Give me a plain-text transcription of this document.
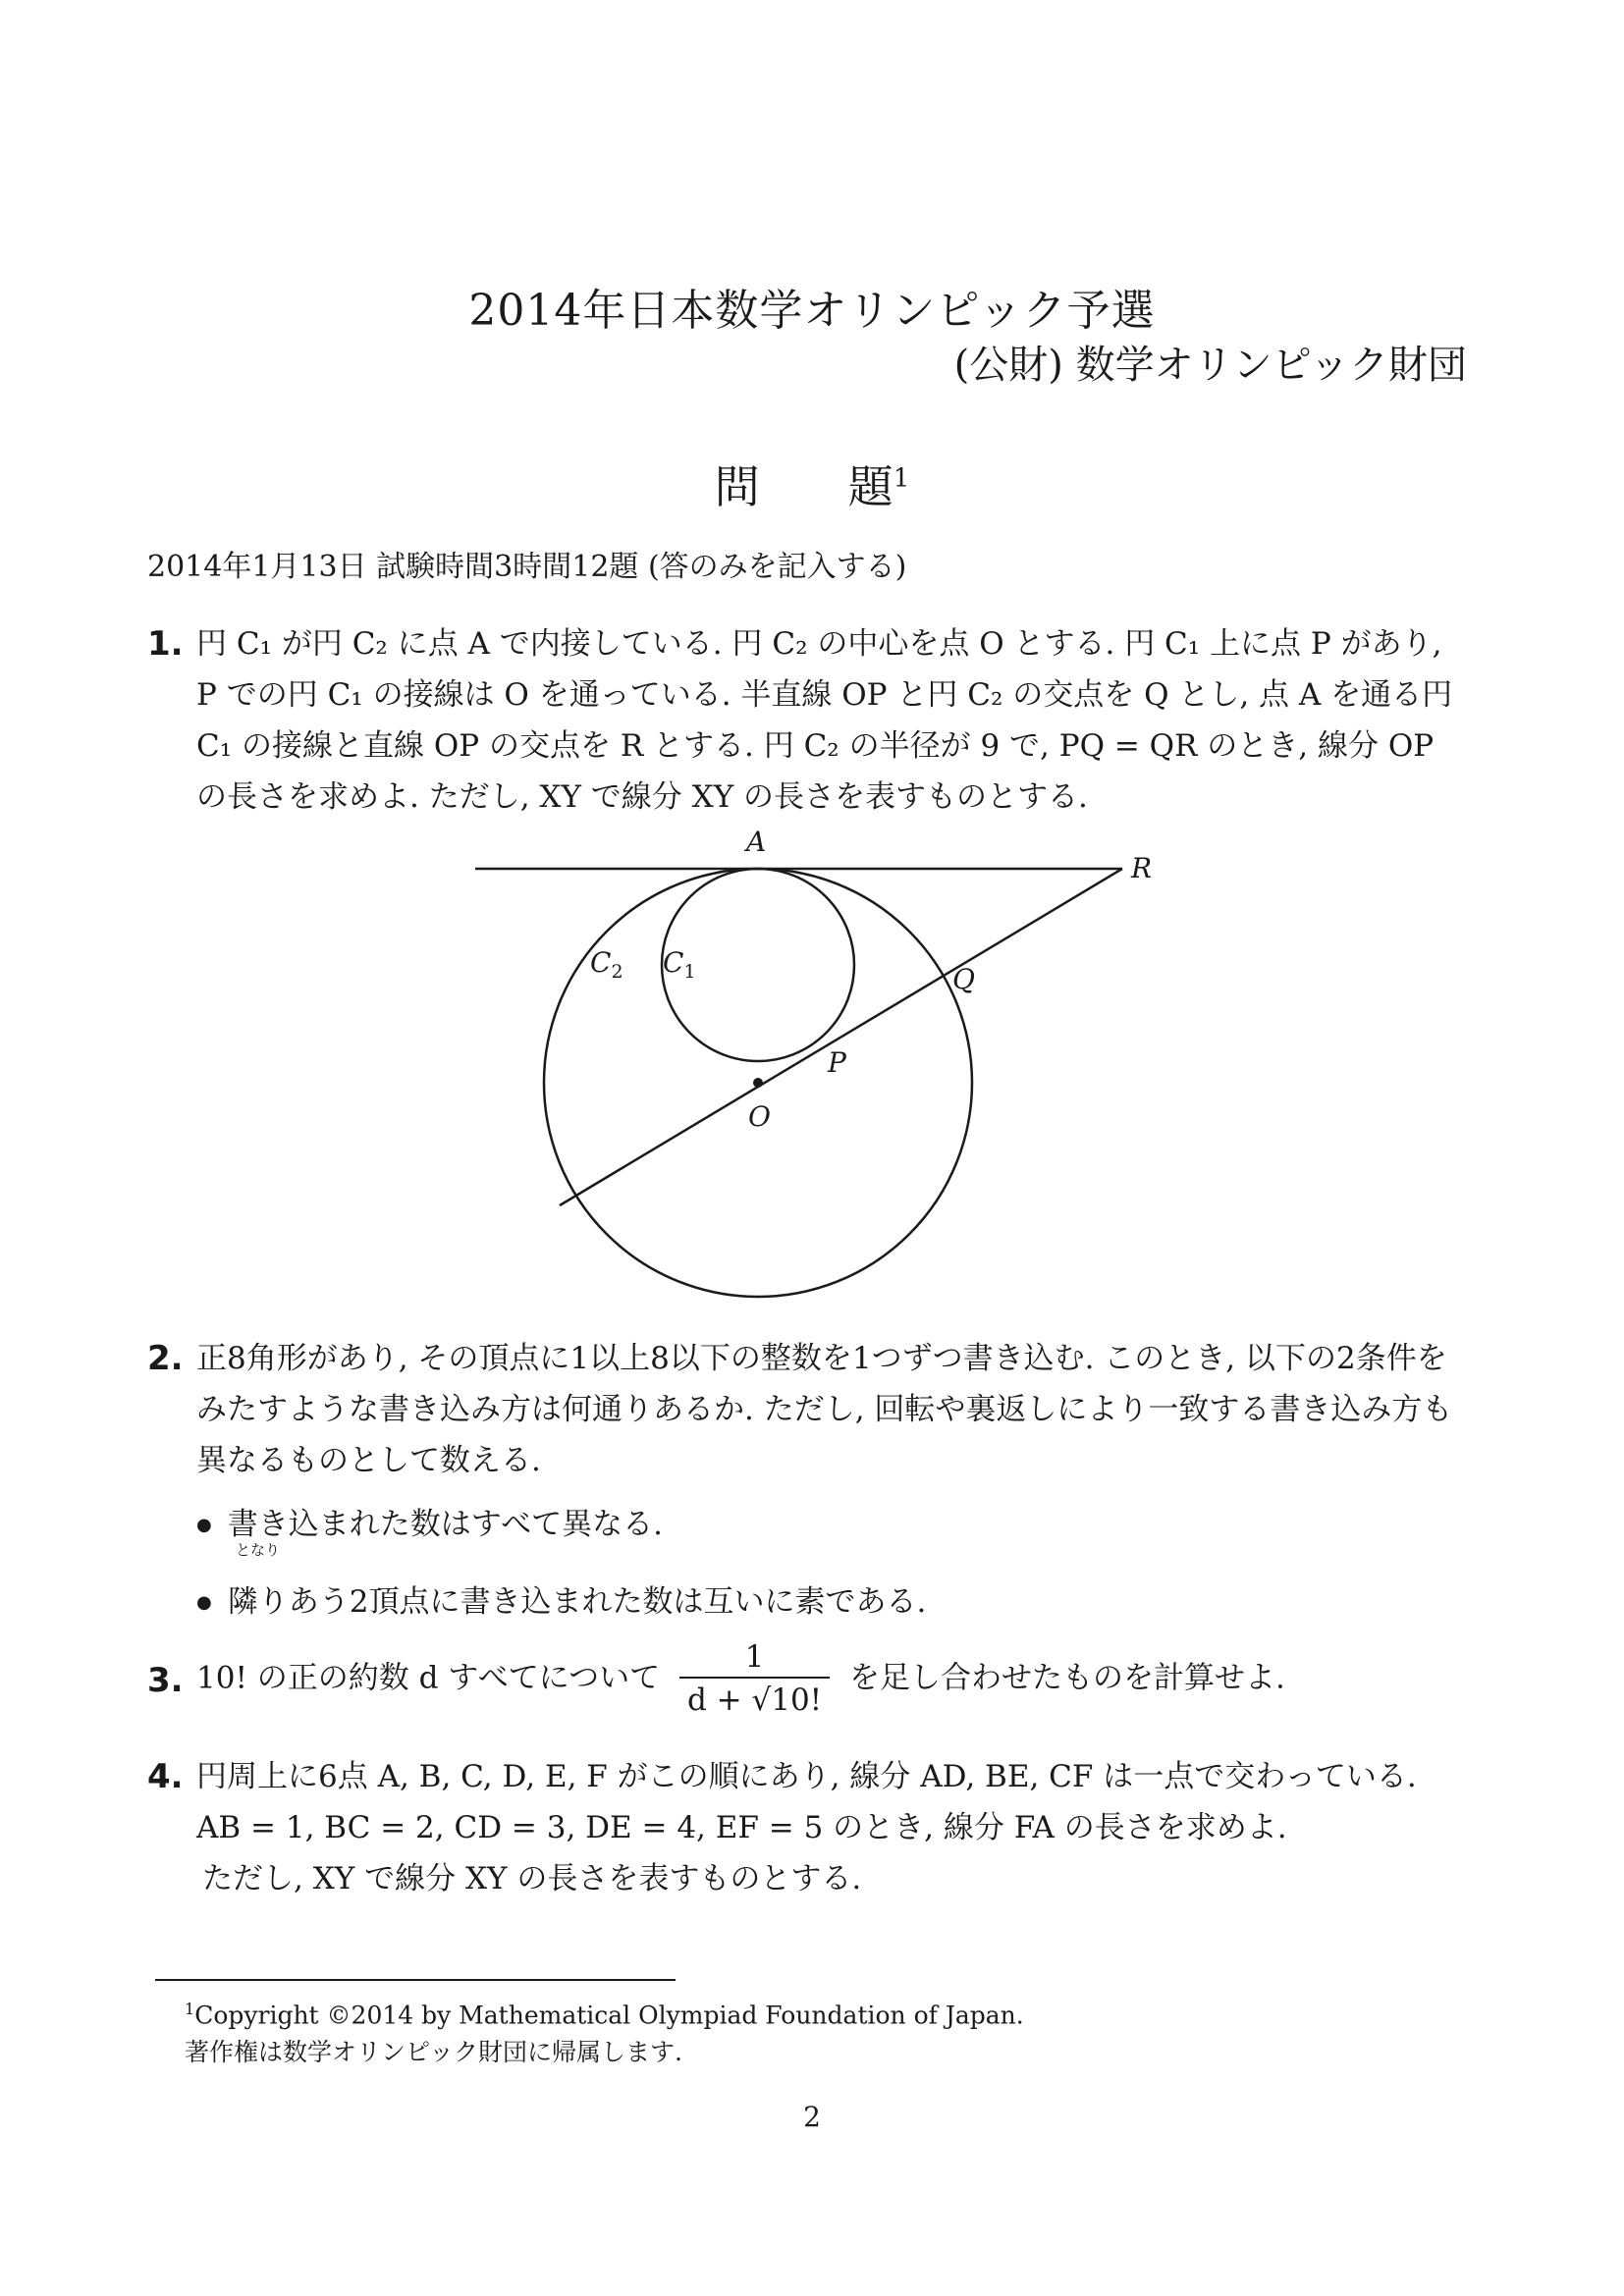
2014年日本数学オリンピック予選
(公財) 数学オリンピック財団
問 題$^1$
2014年1月13日 試験時間3時間12題 (答のみを記入する)
1. 円 C₁ が円 C₂ に点 A で内接している. 円 C₂ の中心を点 O とする. 円 C₁ 上に点 P があり, P での円 C₁ の接線は O を通っている. 半直線 OP と円 C₂ の交点を Q とし, 点 A を通る円 C₁ の接線と直線 OP の交点を R とする. 円 C₂ の半径が 9 で, PQ = QR のとき, 線分 OP の長さを求めよ. ただし, XY で線分 XY の長さを表すものとする.
A
R
Q
P
O
$C_1$
$C_2$
2. 正8角形があり, その頂点に1以上8以下の整数を1つずつ書き込む. このとき, 以下の2条件をみたすような書き込み方は何通りあるか. ただし, 回転や裏返しにより一致する書き込み方も異なるものとして数える.
● 書き込まれた数はすべて異なる.
● 隣りあう2頂点に書き込まれた数は互いに素である.
となり
3. 10! の正の約数 d すべてについて $\frac{1}{d + √10!}$ を足し合わせたものを計算せよ.
4. 円周上に6点 A, B, C, D, E, F がこの順にあり, 線分 AD, BE, CF は一点で交わっている.
AB = 1, BC = 2, CD = 3, DE = 4, EF = 5 のとき, 線分 FA の長さを求めよ.
ただし, XY で線分 XY の長さを表すものとする.
$^1$Copyright ©2014 by Mathematical Olympiad Foundation of Japan.
著作権は数学オリンピック財団に帰属します.
2
